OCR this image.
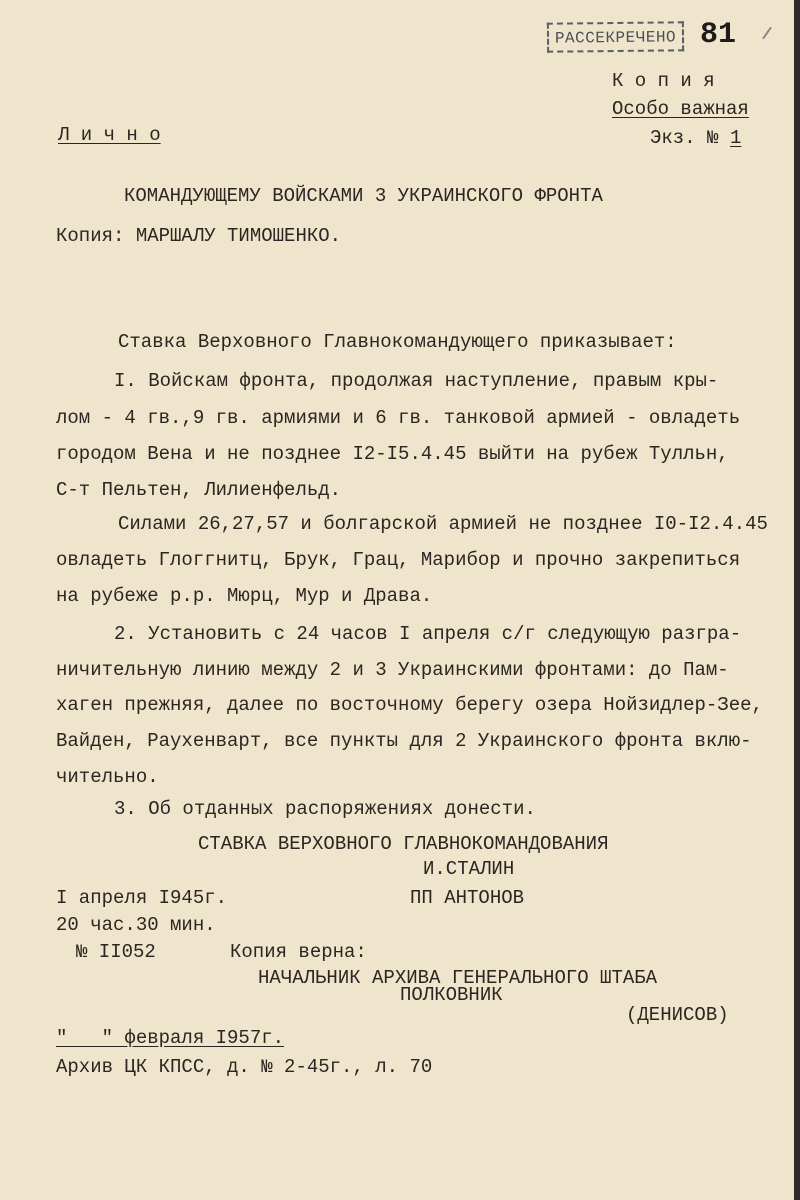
РАССЕКРЕЧЕНО 81
К о п и я
Особо важная
Л и ч н о	Экз. № 1
КОМАНДУЮЩЕМУ ВОЙСКАМИ 3 УКРАИНСКОГО ФРОНТА
Копия: МАРШАЛУ ТИМОШЕНКО.
Ставка Верховного Главнокомандующего приказывает:
I. Войскам фронта, продолжая наступление, правым кры-
лом - 4 гв.,9 гв. армиями и 6 гв. танковой армией - овладеть
городом Вена и не позднее I2-I5.4.45 выйти на рубеж Тулльн,
С-т Пельтен, Лилиенфельд.
Силами 26,27,57 и болгарской армией не позднее I0-I2.4.45
овладеть Глоггнитц, Брук, Грац, Марибор и прочно закрепиться
на рубеже р.р. Мюрц, Мур и Драва.
2. Установить с 24 часов I апреля с/г следующую разгра-
ничительную линию между 2 и 3 Украинскими фронтами: до Пам-
хаген прежняя, далее по восточному берегу озера Нойзидлер-Зее,
Вайден, Раухенварт, все пункты для 2 Украинского фронта вклю-
чительно.
3. Об отданных распоряжениях донести.
СТАВКА ВЕРХОВНОГО ГЛАВНОКОМАНДОВАНИЯ
И.СТАЛИН
I апреля I945г.	ПП АНТОНОВ
20 час.30 мин.
№ II052	Копия верна:
НАЧАЛЬНИК АРХИВА ГЕНЕРАЛЬНОГО ШТАБА
ПОЛКОВНИК
(ДЕНИСОВ)
"   " февраля I957г.
Архив ЦК КПСС, д. № 2-45г., л. 70
